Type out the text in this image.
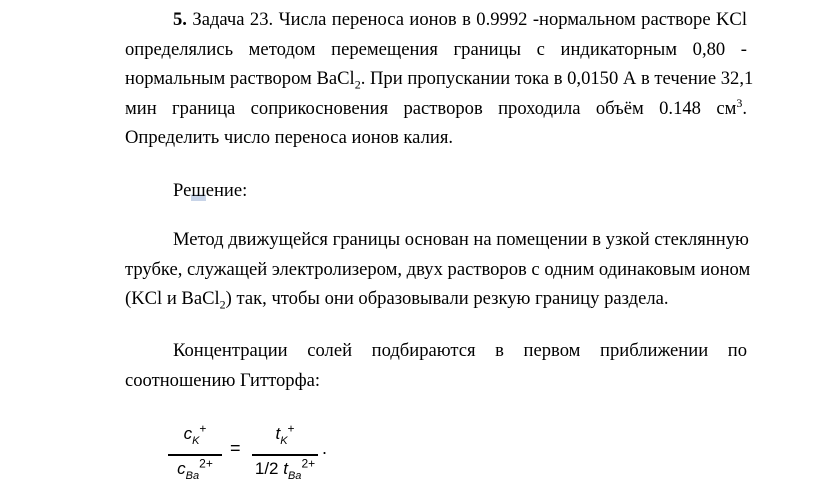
5. Задача 23. Числа переноса ионов в 0.9992 -нормальном растворе KCl
определялись методом перемещения границы с индикаторным 0,80 -
нормальным раствором BaCl$_2$. При пропускании тока в 0,0150 А в течение 32,1
мин граница соприкосновения растворов проходила объём 0.148 $см^3$.
Определить число переноса ионов калия.
Решение:
Метод движущейся границы основан на помещении в узкой стеклянную
трубке, служащей электролизером, двух растворов с одним одинаковым ионом
(KCl и BaCl$_2$) так, чтобы они образовывали резкую границу раздела.
Концентрации солей подбираются в первом приближении по
соотношению Гитторфа:
$c_K^+$
$c_{Ba}^{2+}$
=
$t_K^+$
1/2 $t_{Ba}^{2+}$
.
